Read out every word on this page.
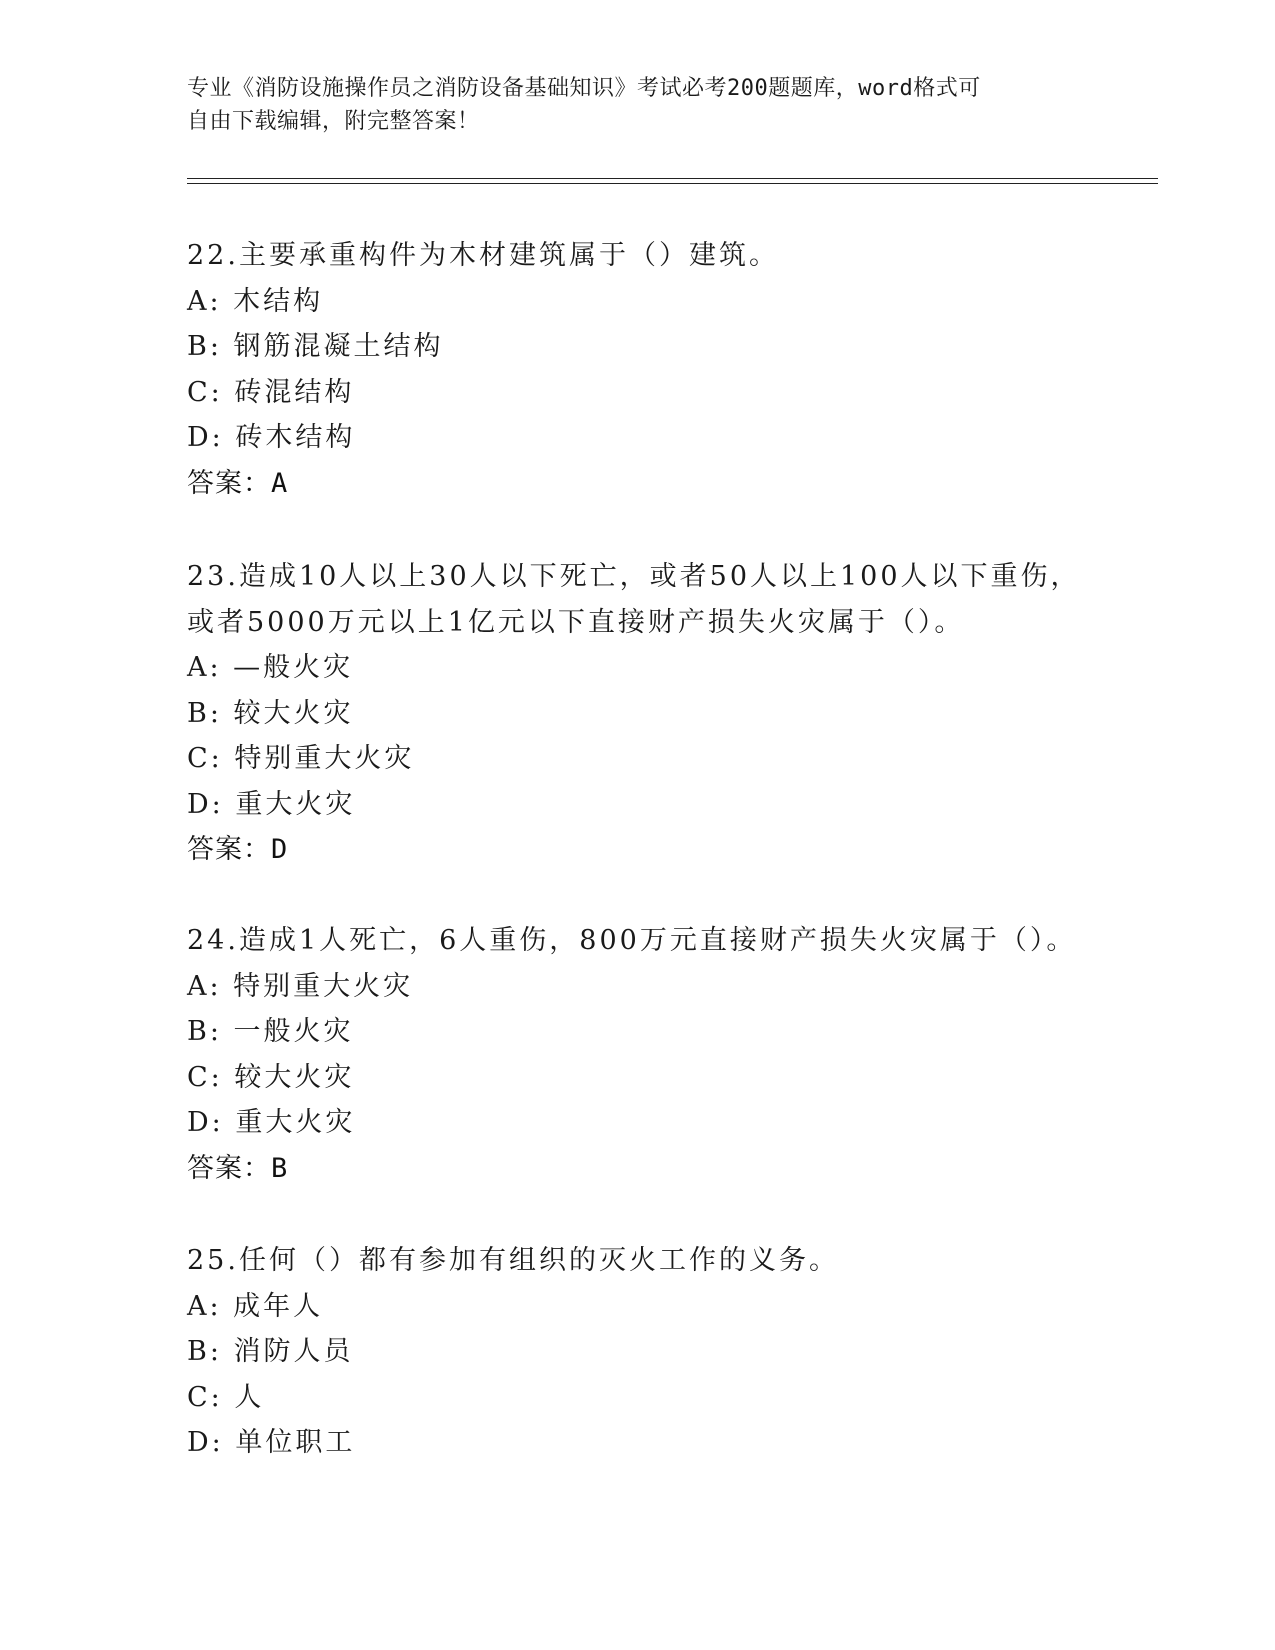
专业《消防设施操作员之消防设备基础知识》考试必考200题题库，word格式可
自由下载编辑，附完整答案！
22.主要承重构件为木材建筑属于（）建筑。
A: 木结构
B: 钢筋混凝土结构
C: 砖混结构
D: 砖木结构
答案：A
23.造成10人以上30人以下死亡，或者50人以上100人以下重伤，
或者5000万元以上1亿元以下直接财产损失火灾属于（）。
A: —般火灾
B: 较大火灾
C: 特别重大火灾
D: 重大火灾
答案：D
24.造成1人死亡，6人重伤，800万元直接财产损失火灾属于（）。
A: 特别重大火灾
B: 一般火灾
C: 较大火灾
D: 重大火灾
答案：B
25.任何（）都有参加有组织的灭火工作的义务。
A: 成年人
B: 消防人员
C: 人
D: 单位职工
